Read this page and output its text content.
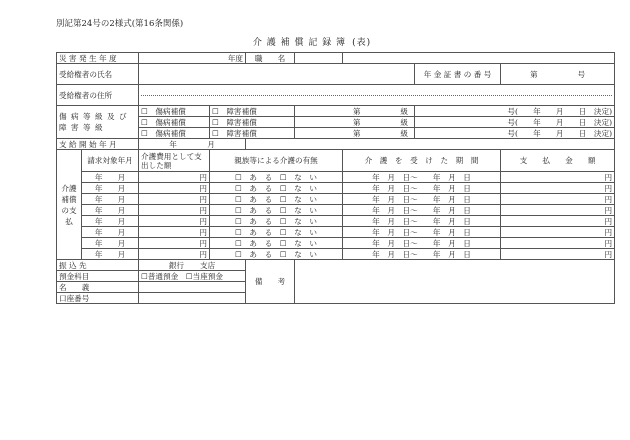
別記第24号の2様式(第16条関係)
介 護 補 償 記 録 簿 (表)
災 害 発 生 年 度		年度		職　　名				
受給権者の氏名							年 金 証 書 の 番 号	第 号
受給権者の住所								

傷 病 等 級 及 び 障 害 等 級		☐　傷病補償	☐　障害補償		第 級		号(　　年　　月　　日　決定)	
		☐　傷病補償	☐　障害補償		第 級		号(　　年　　月　　日　決定)	
		☐　傷病補償	☐　障害補償		第 級		号(　　年　　月　　日　決定)	
支 給 開 始 年 月		年　　　　月						
介護補償の支払	請求対象年月	介護費用として支出した額	親族等による介護の有無			介　護　を　受　け　た　期　間		支　　払　　金　　額
	年　　月	円	☐　あ　る　☐　な　い			年　月　日～　　年　月　日		円
	年　　月	円	☐　あ　る　☐　な　い			年　月　日～　　年　月　日		円
	年　　月	円	☐　あ　る　☐　な　い			年　月　日～　　年　月　日		円
	年　　月	円	☐　あ　る　☐　な　い			年　月　日～　　年　月　日		円
	年　　月	円	☐　あ　る　☐　な　い			年　月　日～　　年　月　日		円
	年　　月	円	☐　あ　る　☐　な　い			年　月　日～　　年　月　日		円
	年　　月	円	☐　あ　る　☐　な　い			年　月　日～　　年　月　日		円
	年　　月	円	☐　あ　る　☐　な　い			年　月　日～　　年　月　日		円
振 込 先		銀行 支店		備　　考				
預金科目		☐普通預金　☐当座預金						
名　　義								
口座番号								
